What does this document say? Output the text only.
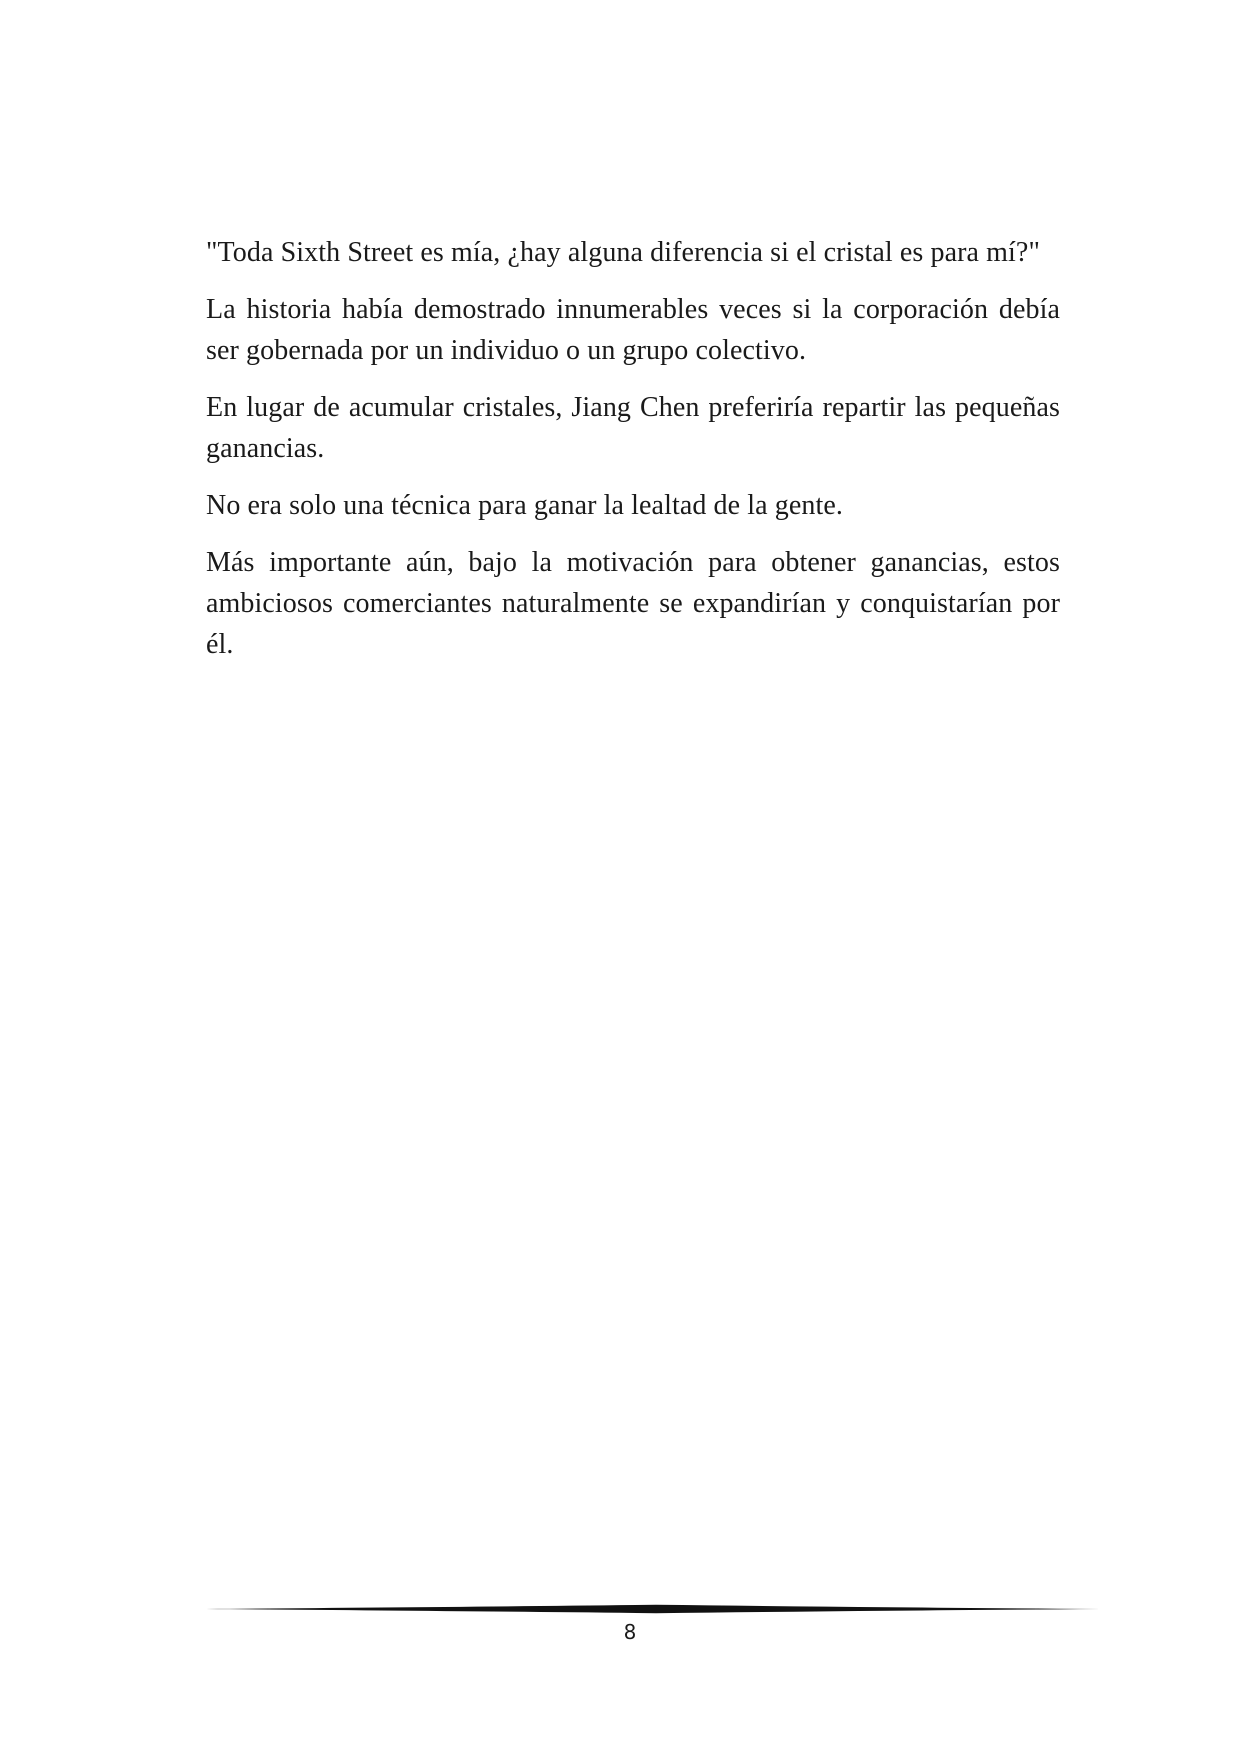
"Toda Sixth Street es mía, ¿hay alguna diferencia si el cristal es para mí?"

La historia había demostrado innumerables veces si la corporación debía ser gobernada por un individuo o un grupo colectivo.

En lugar de acumular cristales, Jiang Chen preferiría repartir las pequeñas ganancias.

No era solo una técnica para ganar la lealtad de la gente.

Más importante aún, bajo la motivación para obtener ganancias, estos ambiciosos comerciantes naturalmente se expandirían y conquistarían por él.

8
